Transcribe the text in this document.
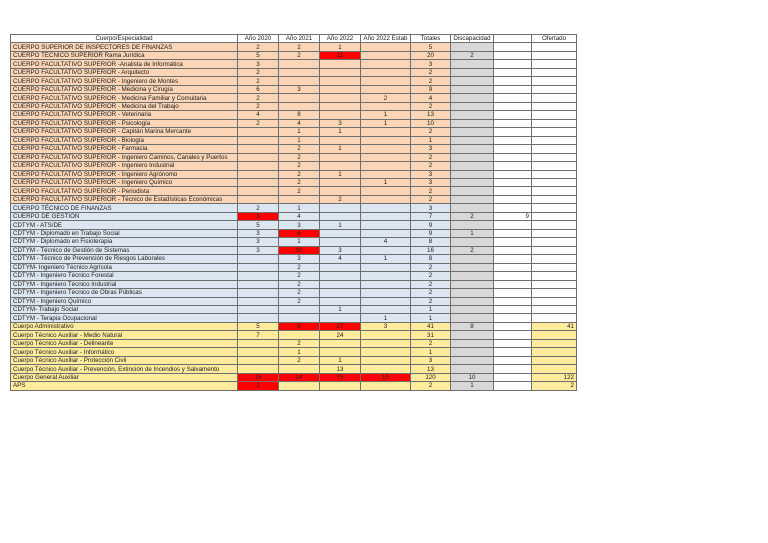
Cuerpo/Especialidad	Año 2020	Año 2021	Año 2022	Año 2022 Estab	Totales	Discapacidad		Ofertado
CUERPO SUPERIOR DE INSPECTORES DE FINANZAS	2	2	1		5			
CUERPO TÉCNICO SUPERIOR Rama Jurídica	5	2	11		20	2		
CUERPO FACULTATIVO SUPERIOR -Analista de Informática	3				3			
CUERPO FACULTATIVO SUPERIOR - Arquitecto	2				2			
CUERPO FACULTATIVO SUPERIOR - Ingeniero de Montes	2				2			
CUERPO FACULTATIVO SUPERIOR - Medicina y Cirugía	6	3			9			
CUERPO FACULTATIVO SUPERIOR - Medicina Familiar y Comuitaria	2			2	4			
CUERPO FACULTATIVO SUPERIOR - Medicina del Trabajo	2				2			
CUERPO FACULTATIVO SUPERIOR - Veterinaria	4	8		1	13			
CUERPO FACULTATIVO SUPERIOR - Psicología	2	4	3	1	10			
CUERPO FACULTATIVO SUPERIOR - Capitán Marina Mercante		1	1		2			
CUERPO FACULTATIVO SUPERIOR - Biología		1			1			
CUERPO FACULTATIVO SUPERIOR - Farmacia		2	1		3			
CUERPO FACULTATIVO SUPERIOR - Ingeniero Caminos, Canales y Puertos		2			2			
CUERPO FACULTATIVO SUPERIOR - Ingeniero Industrial		2			2			
CUERPO FACULTATIVO SUPERIOR - Ingeniero Agrónomo		2	1		3			
CUERPO FACULTATIVO SUPERIOR - Ingeniero Químico		2		1	3			
CUERPO FACULTATIVO SUPERIOR - Periodista		2			2			
CUERPO FACULTATIVO SUPERIOR - Técnico de Estadísticas Económicas			2		2			
CUERPO TÉCNICO DE FINANZAS	2	1			3			
CUERPO DE GESTIÓN	3	4			7	2	9	
CDTYM - ATS/DE	5	3	1		9			
CDTYM - Diplomado en Trabajo Social	3	6			9	1		
CDTYM - Diplomado en Fisioterapia	3	1		4	8			
CDTYM - Técnico de Gestión de Sistemas	3	10	3		16	2		
CDTYM - Técnico de Prevención de Riesgos Laborales		3	4	1	8			
CDTYM- Ingeniero Técnico Agrícola		2			2			
CDTYM - Ingeniero Técnico Forestal		2			2			
CDTYM - Ingeniero Técnico Industrial		2			2			
CDTYM - Ingeniero Técnico de Obras Públicas		2			2			
CDTYM - Ingeniero Químico		2			2			
CDTYM- Trabajo Social			1		1			
CDTYM - Terapia Ocupacional				1	1			
Cuerpo Administrativo	5	6	27	3	41	8		41
Cuerpo Técnico Auxiliar - Medio Natural	7		24		31			
Cuerpo Técnico Auxiliar - Delineante		2			2			
Cuerpo Técnico Auxiliar - Informático		1			1			
Cuerpo Técnico Auxiliar - Protección Civil		2	1		3			
Cuerpo Técnico Auxiliar - Prevención, Extinción de Incendios y Salvamento			13		13			
Cuerpo General Auxiliar	16	14	75	15	120	10		122
APS	2				2	1		2
